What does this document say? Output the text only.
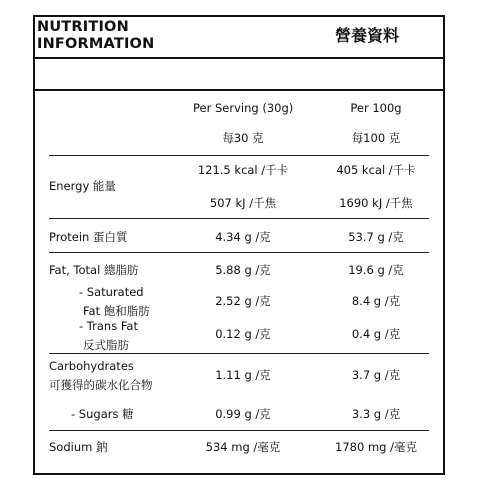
NUTRITION
INFORMATION	營養資料
Per Serving (30g)	Per 100g
每30 克	每100 克
Energy 能量
121.5 kcal /千卡	405 kcal /千卡
507 kJ /千焦	1690 kJ /千焦
Protein 蛋白質	4.34 g /克	53.7 g /克
Fat, Total 總脂肪	5.88 g /克	19.6 g /克
- Saturated
Fat 飽和脂肪
2.52 g /克	8.4 g /克
- Trans Fat
反式脂肪
0.12 g /克	0.4 g /克
Carbohydrates
可獲得的碳水化合物
1.11 g /克	3.7 g /克
- Sugars 糖	0.99 g /克	3.3 g /克
Sodium 鈉	534 mg /毫克	1780 mg /毫克
